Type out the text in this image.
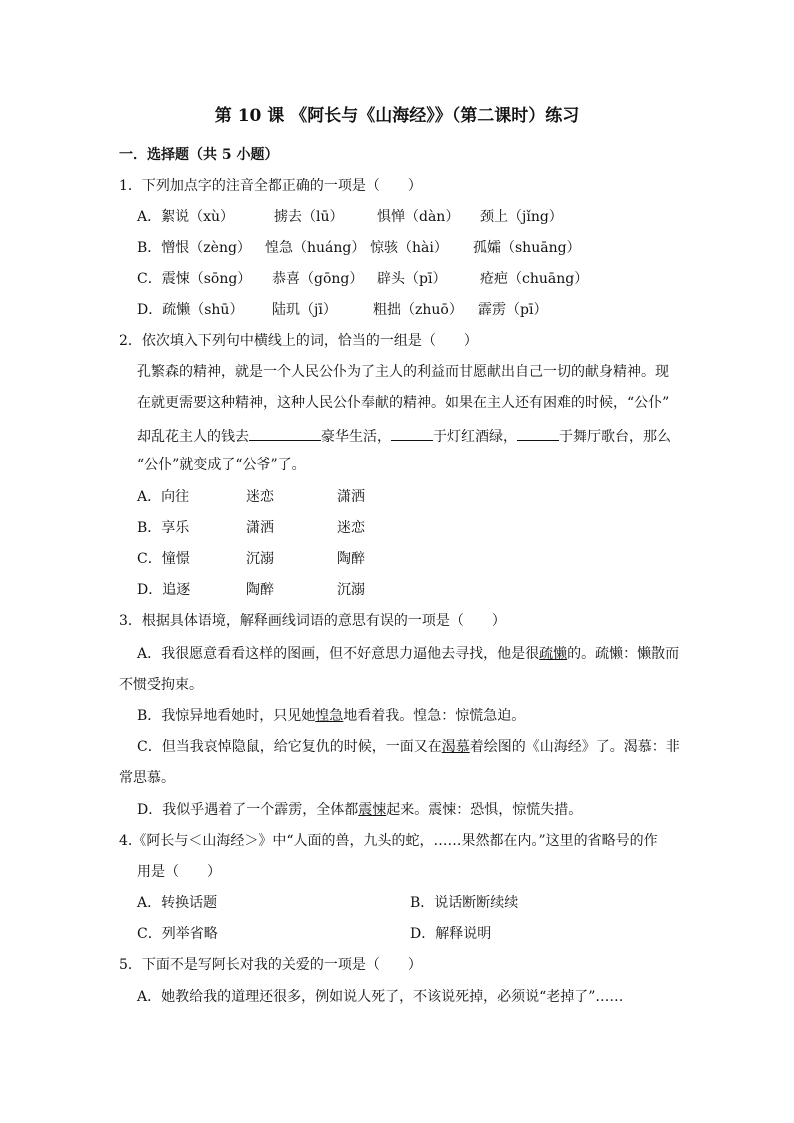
第 10 课 《阿长与《山海经》》（第二课时）练习
一．选择题（共 5 小题）
1．下列加点字的注音全都正确的一项是（　　）
A．絮说（xù）	掳去（lū） 惧惮（dàn） 颈上（jǐng）
B．憎恨（zèng） 惶急（huáng） 惊骇（hài） 孤孀（shuāng）
C．震悚（sōng） 恭喜（gōng） 辟头（pī） 疮疤（chuāng）
D．疏懒（shū） 陆玑（jī）	粗拙（zhuō） 霹雳（pī）
2．依次填入下列句中横线上的词，恰当的一组是（　　）
孔繁森的精神，就是一个人民公仆为了主人的利益而甘愿献出自己一切的献身精神。现
在就更需要这种精神，这种人民公仆奉献的精神。如果在主人还有困难的时候，“公仆”
却乱花主人的钱去	豪华生活，	于灯红酒绿，	于舞厅歌台，那么
“公仆”就变成了“公爷”了。
A．向往	迷恋	潇洒
B．享乐	潇洒	迷恋
C．憧憬	沉溺	陶醉
D．追逐	陶醉	沉溺
3．根据具体语境，解释画线词语的意思有误的一项是（　　）
A．我很愿意看看这样的图画，但不好意思力逼他去寻找，他是很疏懒的。疏懒：懒散而
不惯受拘束。
B．我惊异地看她时，只见她惶急地看着我。惶急：惊慌急迫。
C．但当我哀悼隐鼠，给它复仇的时候，一面又在渴慕着绘图的《山海经》了。渴慕：非
常思慕。
D．我似乎遇着了一个霹雳，全体都震悚起来。震悚：恐惧，惊慌失措。
4.《阿长与＜山海经＞》中“人面的兽，九头的蛇，……果然都在内。”这里的省略号的作
用是（　　）
A．转换话题	B．说话断断续续
C．列举省略	D．解释说明
5．下面不是写阿长对我的关爱的一项是（　　）
A．她教给我的道理还很多，例如说人死了，不该说死掉，必须说“老掉了”……
